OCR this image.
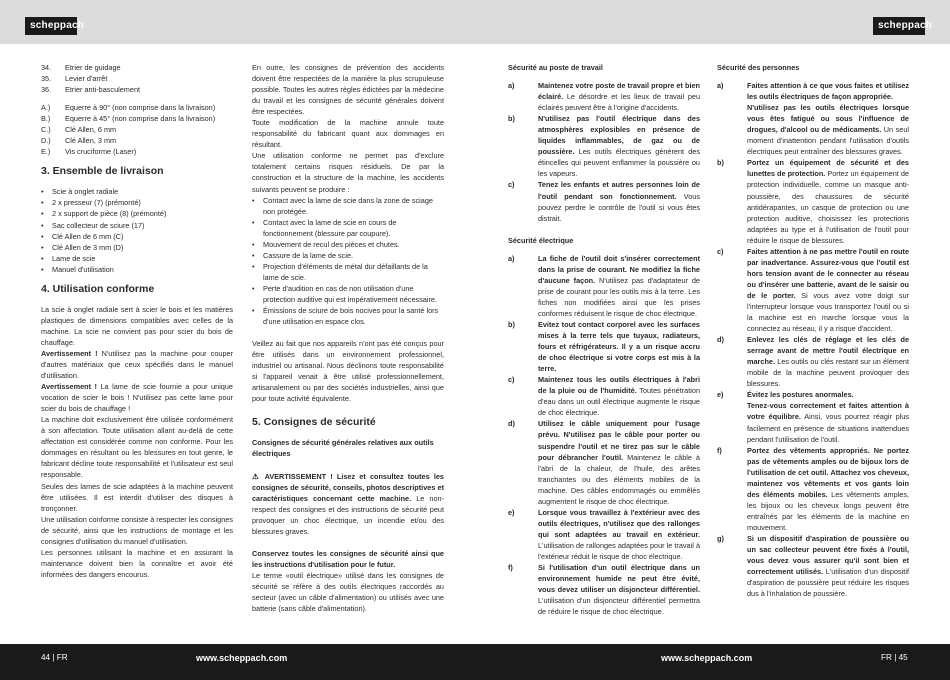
scheppach	scheppach
34.	Etrier de guidage
35.	Levier d'arrêt
36.	Etrier anti-basculement
A.)	Equerre à 90° (non comprise dans la livraison)
B.)	Equerre à 45° (non comprise dans la livraison)
C.)	Clé Allen, 6 mm
D.)	Clé Allen, 3 mm
E.)	Vis cruciforme (Laser)
3. Ensemble de livraison
•	Scie à onglet radiale
•	2 x presseur (7) (prémonté)
•	2 x support de pièce (8) (prémonté)
•	Sac collecteur de sciure (17)
•	Clé Allen de 6 mm (C)
•	Clé Allen de 3 mm (D)
•	Lame de scie
•	Manuel d'utilisation
4. Utilisation conforme

La scie à onglet radiale sert à scier le bois et les matières plastiques de dimensions compatibles avec celles de la machine. La scie ne convient pas pour scier du bois de chauffage.

Avertissement ! N'utilisez pas la machine pour couper d'autres matériaux que ceux spécifiés dans le manuel d'utilisation.

Avertissement ! La lame de scie fournie a pour unique vocation de scier le bois ! N'utilisez pas cette lame pour scier du bois de chauffage !

La machine doit exclusivement être utilisée conformément à son affectation. Toute utilisation allant au-delà de cette affectation est considérée comme non conforme. Pour les dommages en résultant ou les blessures en tout genre, le fabricant décline toute responsabilité et l'utilisateur est seul responsable.

Seules des lames de scie adaptées à la machine peuvent être utilisées. Il est interdit d'utiliser des disques à tronçonner.

Une utilisation conforme consiste à respecter les consignes de sécurité, ainsi que les instructions de montage et les consignes d'utilisation du manuel d'utilisation.

Les personnes utilisant la machine et en assurant la maintenance doivent bien la connaître et avoir été informées des dangers encourus.

En outre, les consignes de prévention des accidents doivent être respectées de la manière la plus scrupuleuse possible. Toutes les autres règles édictées par la médecine du travail et les consignes de sécurité générales doivent être respectées.

Toute modification de la machine annule toute responsabilité du fabricant quant aux dommages en résultant.

Une utilisation conforme ne permet pas d'exclure totalement certains risques résiduels. De par la construction et la structure de la machine, les accidents suivants peuvent se produire :

•	Contact avec la lame de scie dans la zone de sciage non protégée.
•	Contact avec la lame de scie en cours de fonctionnement (blessure par coupure).
•	Mouvement de recul des pièces et chutes.
•	Cassure de la lame de scie.
•	Projection d'éléments de métal dur défaillants de la lame de scie.
•	Perte d'audition en cas de non utilisation d'une protection auditive qui est impérativement nécessaire.
•	Émissions de sciure de bois nocives pour la santé lors d'une utilisation en espace clos.

Veillez au fait que nos appareils n'ont pas été conçus pour être utilisés dans un environnement professionnel, industriel ou artisanal. Nous déclinons toute responsabilité si l'appareil venait à être utilisé professionnellement, artisanalement ou par des sociétés industrielles, ainsi que pour toute activité équivalente.

5. Consignes de sécurité
Consignes de sécurité générales relatives aux outils électriques

⚠ AVERTISSEMENT ! Lisez et consultez toutes les consignes de sécurité, conseils, photos descriptives et caractéristiques concernant cette machine. Le non-respect des consignes et des instructions de sécurité peut provoquer un choc électrique, un incendie et/ou des blessures graves.

Conservez toutes les consignes de sécurité ainsi que les instructions d'utilisation pour le futur.

Le terme «outil électrique» utilisé dans les consignes de sécurité se réfère à des outils électriques raccordés au secteur (avec un câble d'alimentation) ou utilisés avec une batterie (sans câble d'alimentation).

Sécurité au poste de travail
a)	Maintenez votre poste de travail propre et bien éclairé. Le désordre et les lieux de travail peu éclairés peuvent être à l'origine d'accidents.
b)	N'utilisez pas l'outil électrique dans des atmosphères explosibles en présence de liquides inflammables, de gaz ou de poussière. Les outils électriques génèrent des étincelles qui peuvent enflammer la poussière ou les vapeurs.
c)	Tenez les enfants et autres personnes loin de l'outil pendant son fonctionnement. Vous pouvez perdre le contrôle de l'outil si vous êtes distrait.
Sécurité électrique
a)	La fiche de l'outil doit s'insérer correctement dans la prise de courant. Ne modifiez la fiche d'aucune façon. N'utilisez pas d'adaptateur de prise de courant pour les outils mis à la terre. Les fiches non modifiées ainsi que les prises conformes réduisent le risque de choc électrique.
b)	Evitez tout contact corporel avec les surfaces mises à la terre tels que tuyaux, radiateurs, fours et réfrigérateurs. Il y a un risque accru de choc électrique si votre corps est mis à la terre.
c)	Maintenez tous les outils électriques à l'abri de la pluie ou de l'humidité. Toutes pénétration d'eau dans un outil électrique augmente le risque de choc électrique.
d)	Utilisez le câble uniquement pour l'usage prévu. N'utilisez pas le câble pour porter ou suspendre l'outil et ne tirez pas sur le câble pour débrancher l'outil. Maintenez le câble à l'abri de la chaleur, de l'huile, des arêtes tranchantes ou des éléments mobiles de la machine. Des câbles endommagés ou emmêlés augmentent le risque de choc électrique.
e)	Lorsque vous travaillez à l'extérieur avec des outils électriques, n'utilisez que des rallonges qui sont adaptées au travail en extérieur. L'utilisation de rallonges adaptées pour le travail à l'extérieur réduit le risque de choc électrique.
f)	Si l'utilisation d'un outil électrique dans un environnement humide ne peut être évité, vous devez utiliser un disjoncteur différentiel. L'utilisation d'un disjoncteur différentiel permettra de réduire le risque de choc électrique.
Sécurité des personnes
a)	Faites attention à ce que vous faites et utilisez les outils électriques de façon appropriée.
N'utilisez pas les outils électriques lorsque vous êtes fatigué ou sous l'influence de drogues, d'alcool ou de médicaments. Un seul moment d'inattention pendant l'utilisation d'outils électriques peut entraîner des blessures graves.
b)	Portez un équipement de sécurité et des lunettes de protection. Portez un équipement de protection individuelle, comme un masque anti-poussière, des chaussures de sécurité antidérapantes, un casque de protection ou une protection auditive, choisissez les protections adaptées au type et à l'utilisation de l'outil pour réduire le risque de blessures.
c)	Faites attention à ne pas mettre l'outil en route par inadvertance. Assurez-vous que l'outil est hors tension avant de le connecter au réseau ou d'insérer une batterie, avant de le saisir ou de le porter. Si vous avez votre doigt sur l'interrupteur lorsque vous transportez l'outil ou si la machine est en marche lorsque vous la connectez au réseau, il y a risque d'accident.
d)	Enlevez les clés de réglage et les clés de serrage avant de mettre l'outil électrique en marche. Les outils ou clés restant sur un élément mobile de la machine peuvent provoquer des blessures.
e)	Évitez les postures anormales.
Tenez-vous correctement et faites attention à votre équilibre. Ainsi, vous pourrez réagir plus facilement en présence de situations inattendues pendant l'utilisation de l'outil.
f)	Portez des vêtements appropriés. Ne portez pas de vêtements amples ou de bijoux lors de l'utilisation de cet outil. Attachez vos cheveux, maintenez vos vêtements et vos gants loin des éléments mobiles. Les vêtements amples, les bijoux ou les cheveux longs peuvent être entraînés par les éléments de la machine en mouvement.
g)	Si un dispositif d'aspiration de poussière ou un sac collecteur peuvent être fixés à l'outil, vous devez vous assurer qu'il sont bien et correctement utilisés. L'utilisation d'un dispositif d'aspiration de poussière peut réduire les risques dus à l'inhalation de poussière.
44 | FR	www.scheppach.com	www.scheppach.com	FR | 45
